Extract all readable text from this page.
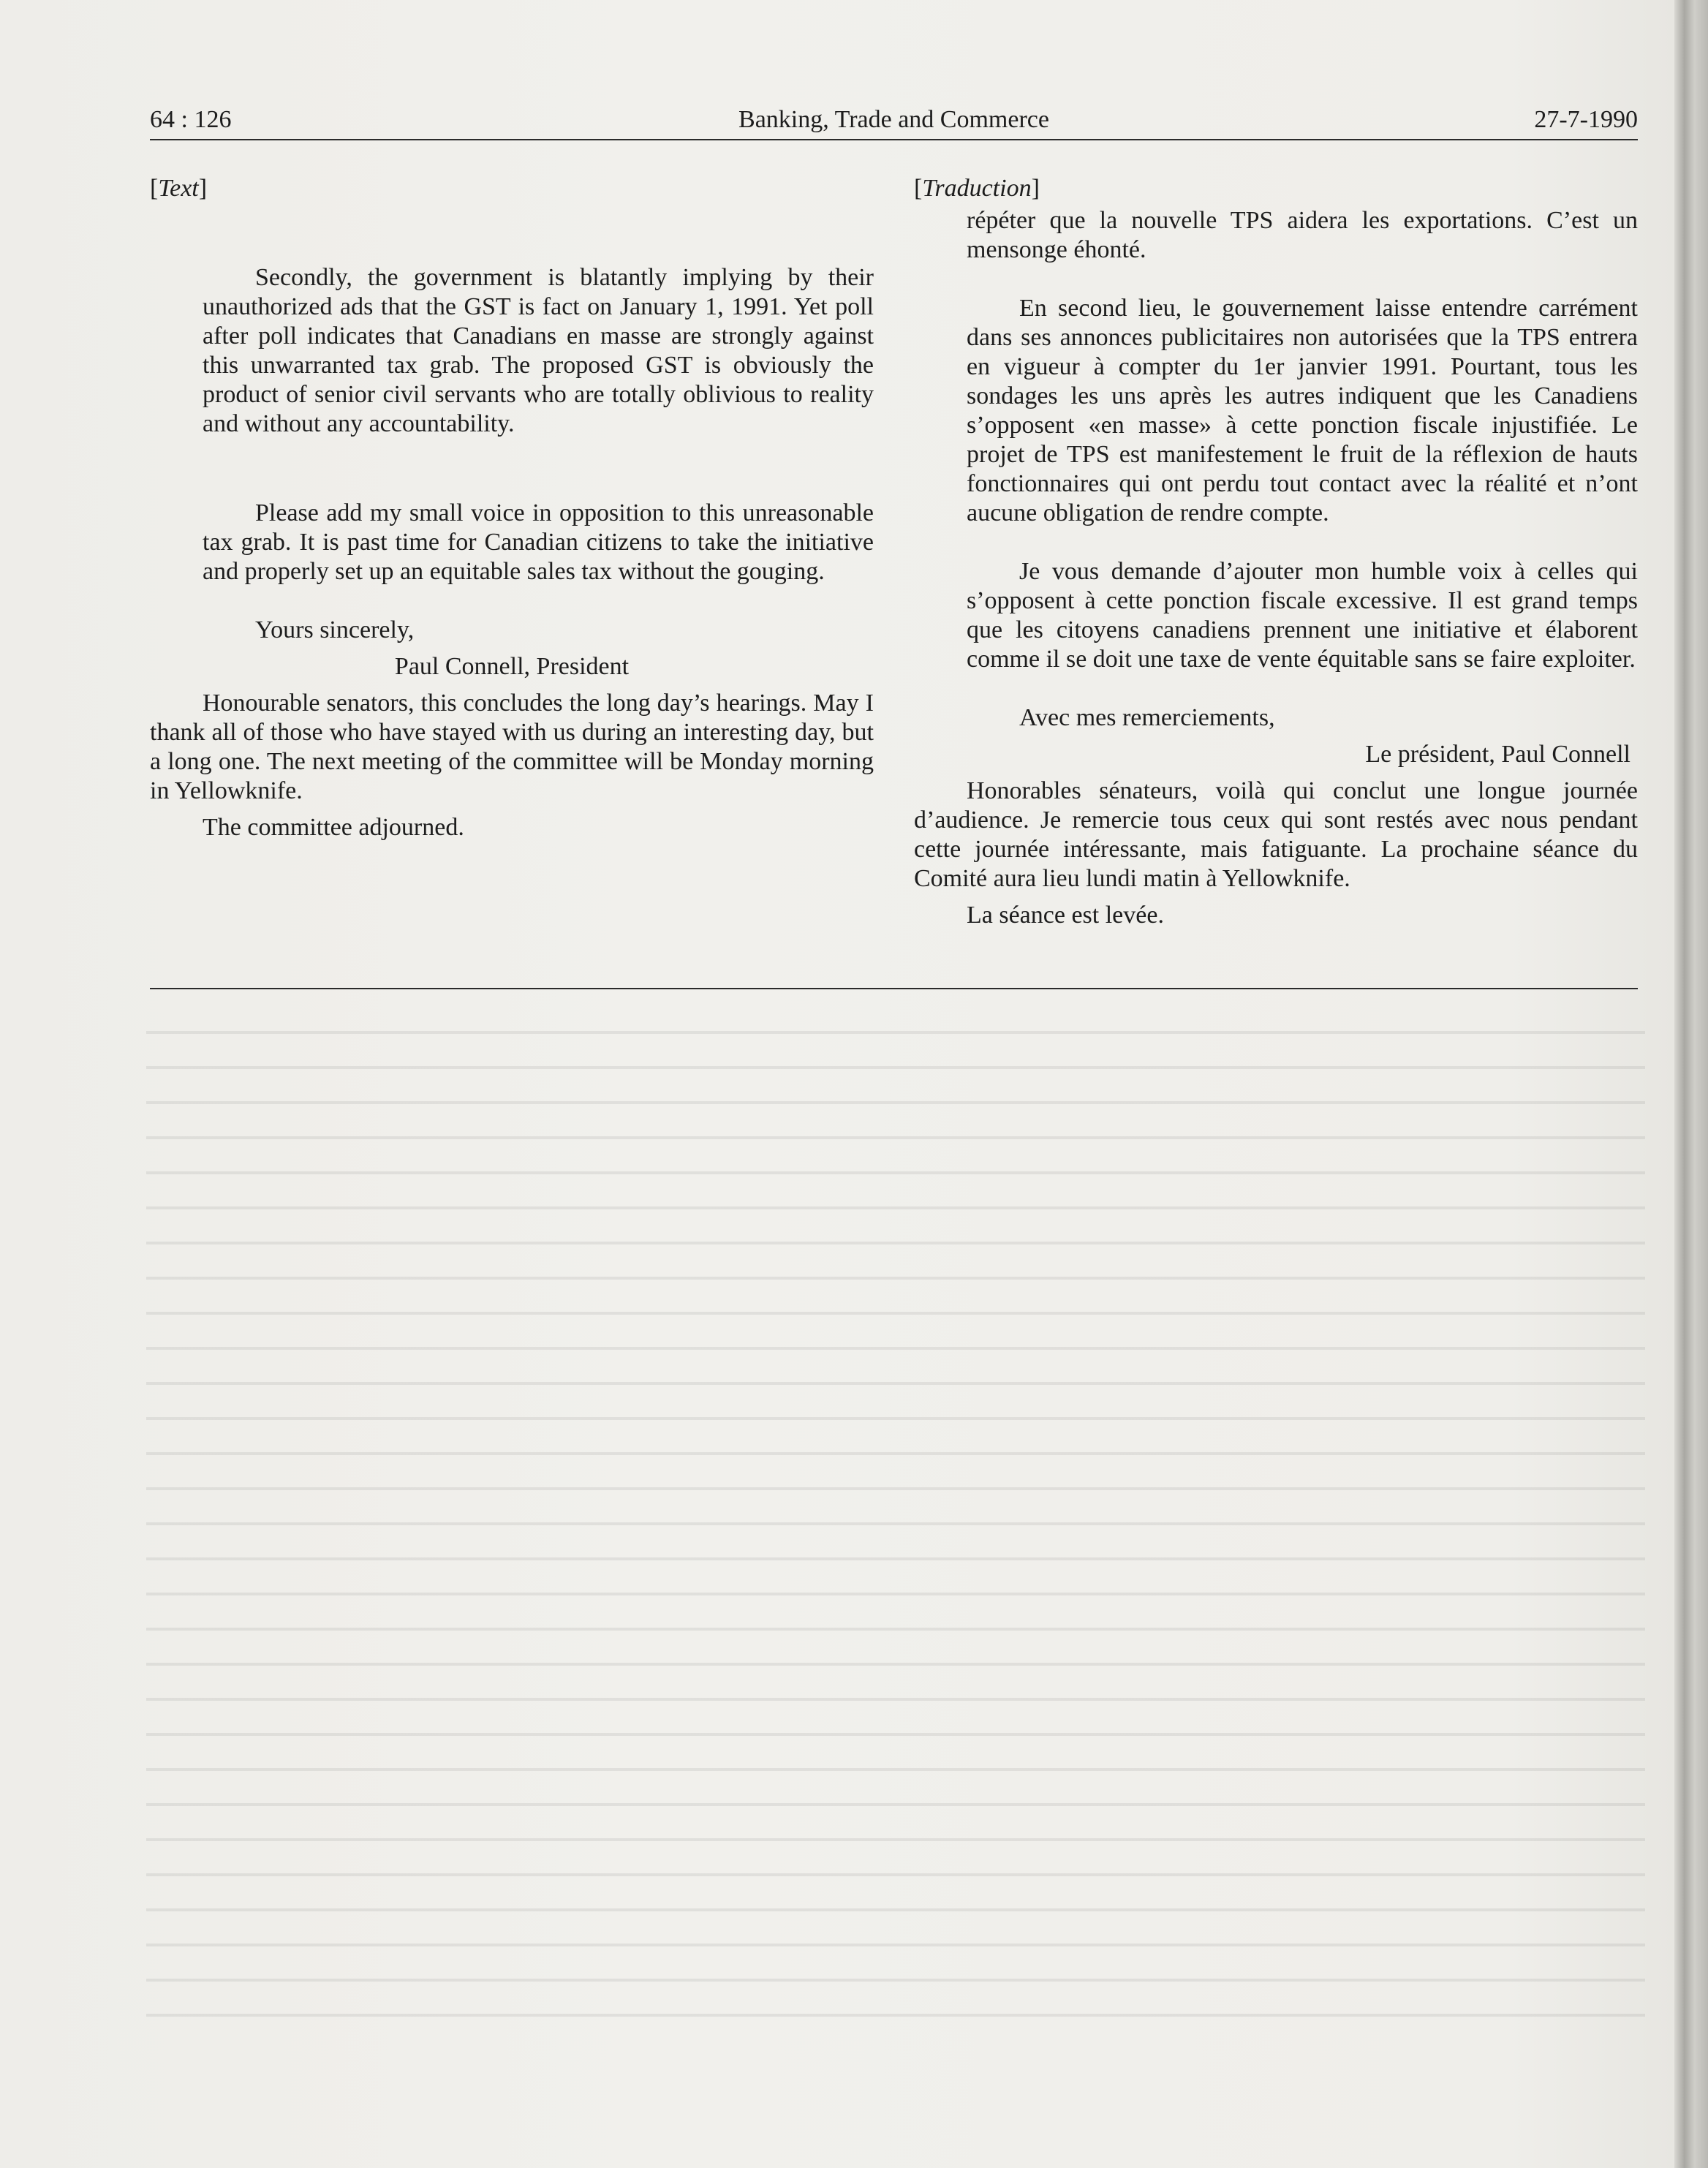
64 : 126	Banking, Trade and Commerce	27-7-1990

[Text]

Secondly, the government is blatantly implying by their unauthorized ads that the GST is fact on January 1, 1991. Yet poll after poll indicates that Canadians en masse are strongly against this unwarranted tax grab. The proposed GST is obviously the product of senior civil servants who are totally oblivious to reality and without any accountability.

Please add my small voice in opposition to this unreasonable tax grab. It is past time for Canadian citizens to take the initiative and properly set up an equitable sales tax without the gouging.

Yours sincerely,

Paul Connell, President

Honourable senators, this concludes the long day’s hearings. May I thank all of those who have stayed with us during an interesting day, but a long one. The next meeting of the committee will be Monday morning in Yellowknife.

The committee adjourned.

[Traduction]

répéter que la nouvelle TPS aidera les exportations. C’est un mensonge éhonté.

En second lieu, le gouvernement laisse entendre carrément dans ses annonces publicitaires non autorisées que la TPS entrera en vigueur à compter du 1er janvier 1991. Pourtant, tous les sondages les uns après les autres indiquent que les Canadiens s’opposent «en masse» à cette ponction fiscale injustifiée. Le projet de TPS est manifestement le fruit de la réflexion de hauts fonctionnaires qui ont perdu tout contact avec la réalité et n’ont aucune obligation de rendre compte.

Je vous demande d’ajouter mon humble voix à celles qui s’opposent à cette ponction fiscale excessive. Il est grand temps que les citoyens canadiens prennent une initiative et élaborent comme il se doit une taxe de vente équitable sans se faire exploiter.

Avec mes remerciements,

Le président, Paul Connell

Honorables sénateurs, voilà qui conclut une longue journée d’audience. Je remercie tous ceux qui sont restés avec nous pendant cette journée intéressante, mais fatiguante. La prochaine séance du Comité aura lieu lundi matin à Yellowknife.

La séance est levée.
